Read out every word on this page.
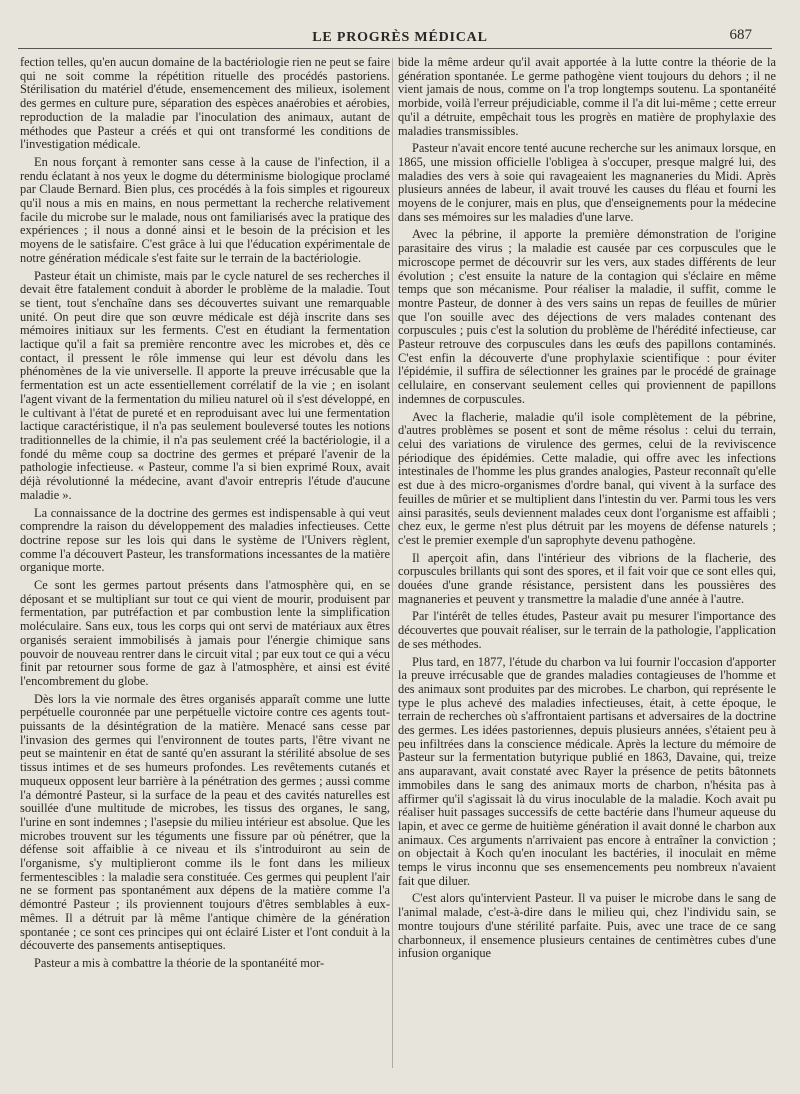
LE PROGRÈS MÉDICAL	687

fection telles, qu'en aucun domaine de la bactériologie rien ne peut se faire qui ne soit comme la répétition rituelle des procédés pastoriens. Stérilisation du matériel d'étude, ensemencement des milieux, isolement des germes en culture pure, séparation des espèces anaérobies et aérobies, reproduction de la maladie par l'inoculation des animaux, autant de méthodes que Pasteur a créés et qui ont transformé les conditions de l'investigation médicale.

En nous forçant à remonter sans cesse à la cause de l'infection, il a rendu éclatant à nos yeux le dogme du déterminisme biologique proclamé par Claude Bernard. Bien plus, ces procédés à la fois simples et rigoureux qu'il nous a mis en mains, en nous permettant la recherche relativement facile du microbe sur le malade, nous ont familiarisés avec la pratique des expériences ; il nous a donné ainsi et le besoin de la précision et les moyens de le satisfaire. C'est grâce à lui que l'éducation expérimentale de notre génération médicale s'est faite sur le terrain de la bactériologie.

Pasteur était un chimiste, mais par le cycle naturel de ses recherches il devait être fatalement conduit à aborder le problème de la maladie. Tout se tient, tout s'enchaîne dans ses découvertes suivant une remarquable unité. On peut dire que son œuvre médicale est déjà inscrite dans ses mémoires initiaux sur les ferments. C'est en étudiant la fermentation lactique qu'il a fait sa première rencontre avec les microbes et, dès ce contact, il pressent le rôle immense qui leur est dévolu dans les phénomènes de la vie universelle. Il apporte la preuve irrécusable que la fermentation est un acte essentiellement corrélatif de la vie ; en isolant l'agent vivant de la fermentation du milieu naturel où il s'est développé, en le cultivant à l'état de pureté et en reproduisant avec lui une fermentation lactique caractéristique, il n'a pas seulement bouleversé toutes les notions traditionnelles de la chimie, il n'a pas seulement créé la bactériologie, il a fondé du même coup sa doctrine des germes et préparé l'avenir de la pathologie infectieuse. « Pasteur, comme l'a si bien exprimé Roux, avait déjà révolutionné la médecine, avant d'avoir entrepris l'étude d'aucune maladie ».

La connaissance de la doctrine des germes est indispensable à qui veut comprendre la raison du développement des maladies infectieuses. Cette doctrine repose sur les lois qui dans le système de l'Univers règlent, comme l'a découvert Pasteur, les transformations incessantes de la matière organique morte.

Ce sont les germes partout présents dans l'atmosphère qui, en se déposant et se multipliant sur tout ce qui vient de mourir, produisent par fermentation, par putréfaction et par combustion lente la simplification moléculaire. Sans eux, tous les corps qui ont servi de matériaux aux êtres organisés seraient immobilisés à jamais pour l'énergie chimique sans pouvoir de nouveau rentrer dans le circuit vital ; par eux tout ce qui a vécu finit par retourner sous forme de gaz à l'atmosphère, et ainsi est évité l'encombrement du globe.

Dès lors la vie normale des êtres organisés apparaît comme une lutte perpétuelle couronnée par une perpétuelle victoire contre ces agents tout-puissants de la désintégration de la matière. Menacé sans cesse par l'invasion des germes qui l'environnent de toutes parts, l'être vivant ne peut se maintenir en état de santé qu'en assurant la stérilité absolue de ses tissus intimes et de ses humeurs profondes. Les revêtements cutanés et muqueux opposent leur barrière à la pénétration des germes ; aussi comme l'a démontré Pasteur, si la surface de la peau et des cavités naturelles est souillée d'une multitude de microbes, les tissus des organes, le sang, l'urine en sont indemnes ; l'asepsie du milieu intérieur est absolue. Que les microbes trouvent sur les téguments une fissure par où pénétrer, que la défense soit affaiblie à ce niveau et ils s'introduiront au sein de l'organisme, s'y multiplieront comme ils le font dans les milieux fermentescibles : la maladie sera constituée. Ces germes qui peuplent l'air ne se forment pas spontanément aux dépens de la matière comme l'a démontré Pasteur ; ils proviennent toujours d'êtres semblables à eux-mêmes. Il a détruit par là même l'antique chimère de la génération spontanée ; ce sont ces principes qui ont éclairé Lister et l'ont conduit à la découverte des pansements antiseptiques.

Pasteur a mis à combattre la théorie de la spontanéité mor-

bide la même ardeur qu'il avait apportée à la lutte contre la théorie de la génération spontanée. Le germe pathogène vient toujours du dehors ; il ne vient jamais de nous, comme on l'a trop longtemps soutenu. La spontanéité morbide, voilà l'erreur préjudiciable, comme il l'a dit lui-même ; cette erreur qu'il a détruite, empêchait tous les progrès en matière de prophylaxie des maladies transmissibles.

Pasteur n'avait encore tenté aucune recherche sur les animaux lorsque, en 1865, une mission officielle l'obligea à s'occuper, presque malgré lui, des maladies des vers à soie qui ravageaient les magnaneries du Midi. Après plusieurs années de labeur, il avait trouvé les causes du fléau et fourni les moyens de le conjurer, mais en plus, que d'enseignements pour la médecine dans ses mémoires sur les maladies d'une larve.

Avec la pébrine, il apporte la première démonstration de l'origine parasitaire des virus ; la maladie est causée par ces corpuscules que le microscope permet de découvrir sur les vers, aux stades différents de leur évolution ; c'est ensuite la nature de la contagion qui s'éclaire en même temps que son mécanisme. Pour réaliser la maladie, il suffit, comme le montre Pasteur, de donner à des vers sains un repas de feuilles de mûrier que l'on souille avec des déjections de vers malades contenant des corpuscules ; puis c'est la solution du problème de l'hérédité infectieuse, car Pasteur retrouve des corpuscules dans les œufs des papillons contaminés. C'est enfin la découverte d'une prophylaxie scientifique : pour éviter l'épidémie, il suffira de sélectionner les graines par le procédé de grainage cellulaire, en conservant seulement celles qui proviennent de papillons indemnes de corpuscules.

Avec la flacherie, maladie qu'il isole complètement de la pébrine, d'autres problèmes se posent et sont de même résolus : celui du terrain, celui des variations de virulence des germes, celui de la reviviscence périodique des épidémies. Cette maladie, qui offre avec les infections intestinales de l'homme les plus grandes analogies, Pasteur reconnaît qu'elle est due à des micro-organismes d'ordre banal, qui vivent à la surface des feuilles de mûrier et se multiplient dans l'intestin du ver. Parmi tous les vers ainsi parasités, seuls deviennent malades ceux dont l'organisme est affaibli ; chez eux, le germe n'est plus détruit par les moyens de défense naturels ; c'est le premier exemple d'un saprophyte devenu pathogène.

Il aperçoit afin, dans l'intérieur des vibrions de la flacherie, des corpuscules brillants qui sont des spores, et il fait voir que ce sont elles qui, douées d'une grande résistance, persistent dans les poussières des magnaneries et peuvent y transmettre la maladie d'une année à l'autre.

Par l'intérêt de telles études, Pasteur avait pu mesurer l'importance des découvertes que pouvait réaliser, sur le terrain de la pathologie, l'application de ses méthodes.

Plus tard, en 1877, l'étude du charbon va lui fournir l'occasion d'apporter la preuve irrécusable que de grandes maladies contagieuses de l'homme et des animaux sont produites par des microbes. Le charbon, qui représente le type le plus achevé des maladies infectieuses, était, à cette époque, le terrain de recherches où s'affrontaient partisans et adversaires de la doctrine des germes. Les idées pastoriennes, depuis plusieurs années, s'étaient peu à peu infiltrées dans la conscience médicale. Après la lecture du mémoire de Pasteur sur la fermentation butyrique publié en 1863, Davaine, qui, treize ans auparavant, avait constaté avec Rayer la présence de petits bâtonnets immobiles dans le sang des animaux morts de charbon, n'hésita pas à affirmer qu'il s'agissait là du virus inoculable de la maladie. Koch avait pu réaliser huit passages successifs de cette bactérie dans l'humeur aqueuse du lapin, et avec ce germe de huitième génération il avait donné le charbon aux animaux. Ces arguments n'arrivaient pas encore à entraîner la conviction ; on objectait à Koch qu'en inoculant les bactéries, il inoculait en même temps le virus inconnu que ses ensemencements peu nombreux n'avaient fait que diluer.

C'est alors qu'intervient Pasteur. Il va puiser le microbe dans le sang de l'animal malade, c'est-à-dire dans le milieu qui, chez l'individu sain, se montre toujours d'une stérilité parfaite. Puis, avec une trace de ce sang charbonneux, il ensemence plusieurs centaines de centimètres cubes d'une infusion organique
